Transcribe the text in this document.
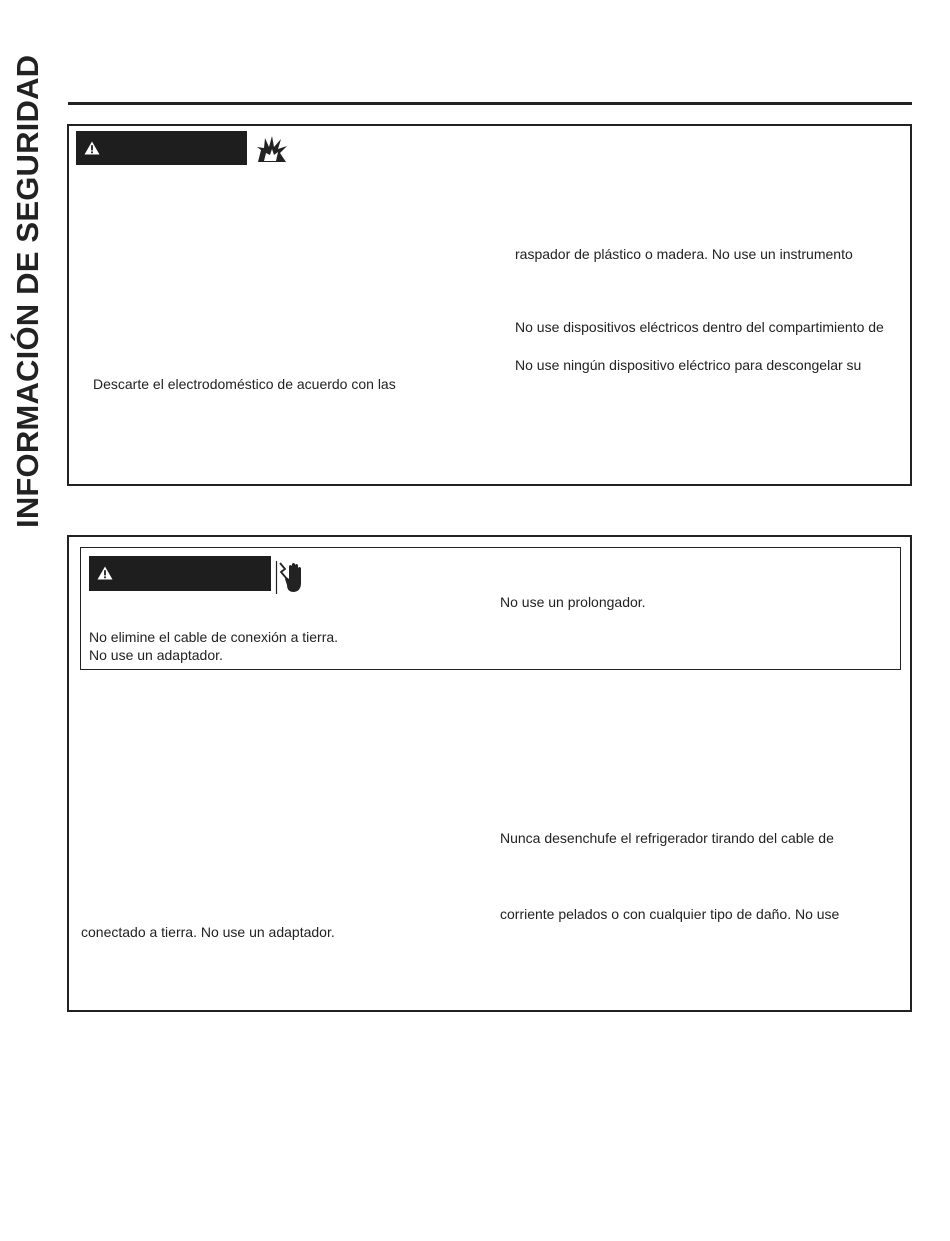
INFORMACIÓN DE SEGURIDAD	raspador de plástico o madera. No use un instrumento
No use dispositivos eléctricos dentro del compartimiento de
No use ningún dispositivo eléctrico para descongelar su
Descarte el electrodoméstico de acuerdo con las
No use un prolongador.
No elimine el cable de conexión a tierra.
No use un adaptador.
Nunca desenchufe el refrigerador tirando del cable de
corriente pelados o con cualquier tipo de daño. No use
conectado a tierra. No use un adaptador.
